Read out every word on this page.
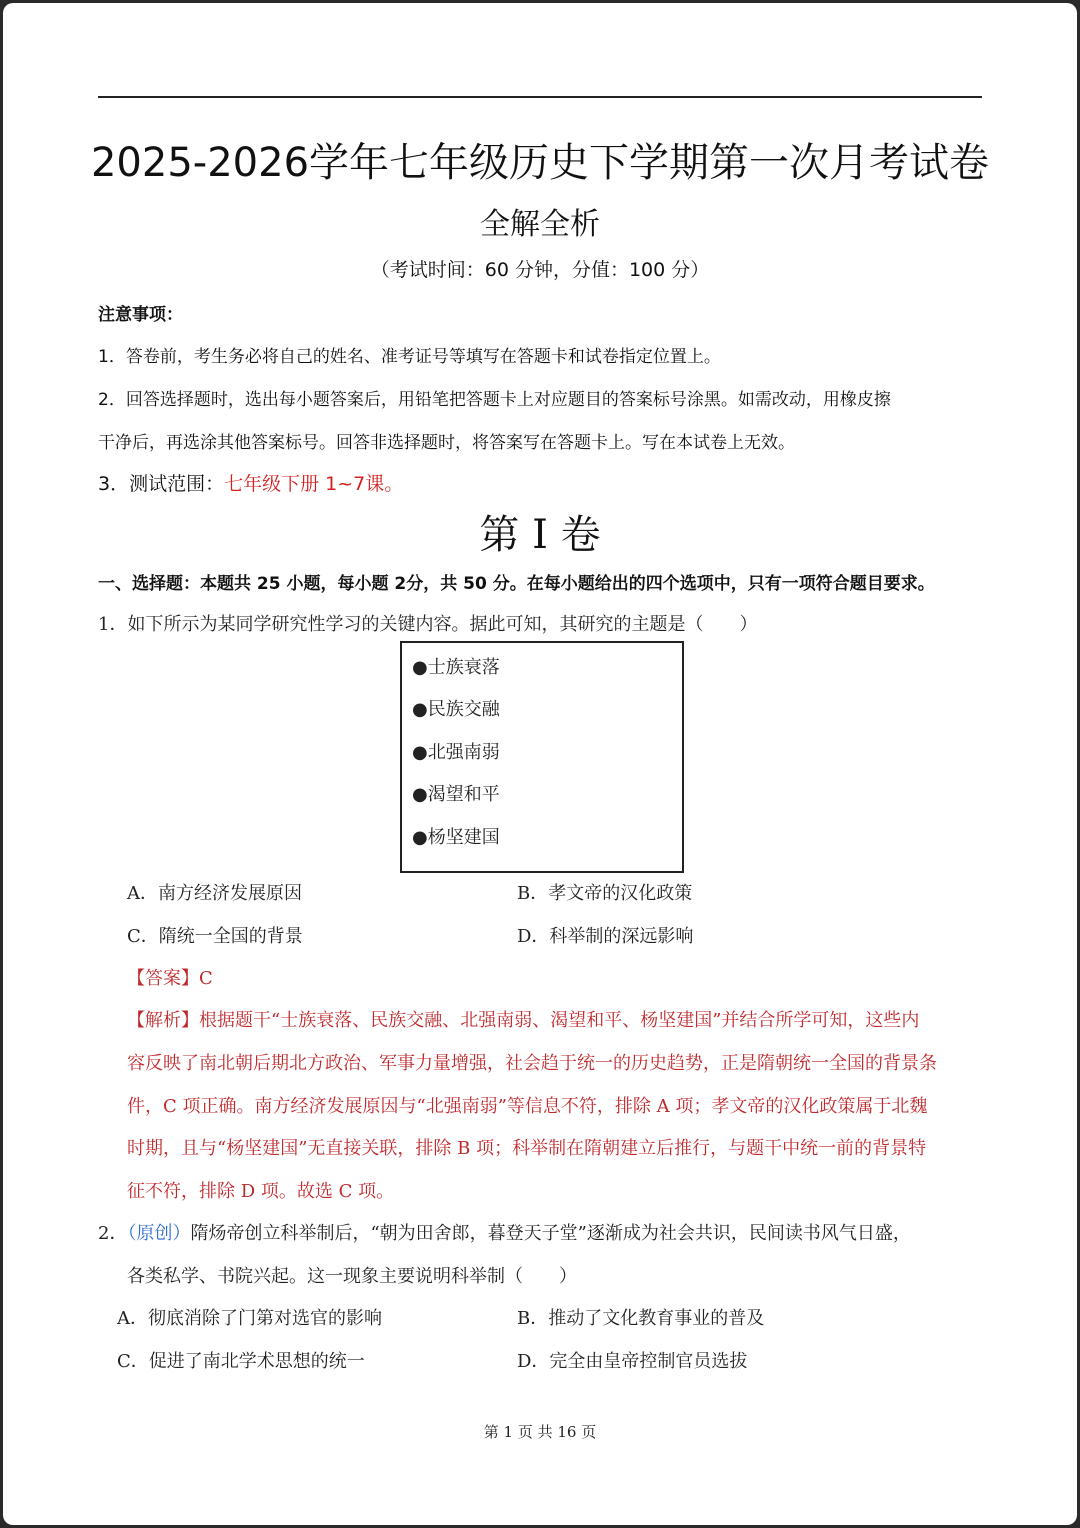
2025-2026学年七年级历史下学期第一次月考试卷
全解全析
（考试时间：60 分钟，分值：100 分）
注意事项：
1．答卷前，考生务必将自己的姓名、准考证号等填写在答题卡和试卷指定位置上。
2．回答选择题时，选出每小题答案后，用铅笔把答题卡上对应题目的答案标号涂黑。如需改动，用橡皮擦
干净后，再选涂其他答案标号。回答非选择题时，将答案写在答题卡上。写在本试卷上无效。
3．测试范围：七年级下册 1~7课。
第 I 卷
一、选择题：本题共 25 小题，每小题 2分，共 50 分。在每小题给出的四个选项中，只有一项符合题目要求。
1．如下所示为某同学研究性学习的关键内容。据此可知，其研究的主题是（　　）
●士族衰落
●民族交融
●北强南弱
●渴望和平
●杨坚建国
A．南方经济发展原因	B．孝文帝的汉化政策
C．隋统一全国的背景	D．科举制的深远影响
【答案】C
【解析】根据题干“士族衰落、民族交融、北强南弱、渴望和平、杨坚建国”并结合所学可知，这些内
容反映了南北朝后期北方政治、军事力量增强，社会趋于统一的历史趋势，正是隋朝统一全国的背景条
件，C 项正确。南方经济发展原因与“北强南弱”等信息不符，排除 A 项；孝文帝的汉化政策属于北魏
时期，且与“杨坚建国”无直接关联，排除 B 项；科举制在隋朝建立后推行，与题干中统一前的背景特
征不符，排除 D 项。故选 C 项。
2．（原创）隋炀帝创立科举制后，“朝为田舍郎，暮登天子堂”逐渐成为社会共识，民间读书风气日盛，
各类私学、书院兴起。这一现象主要说明科举制（　　）
A．彻底消除了门第对选官的影响	B．推动了文化教育事业的普及
C．促进了南北学术思想的统一	D．完全由皇帝控制官员选拔
第 1 页 共 16 页
